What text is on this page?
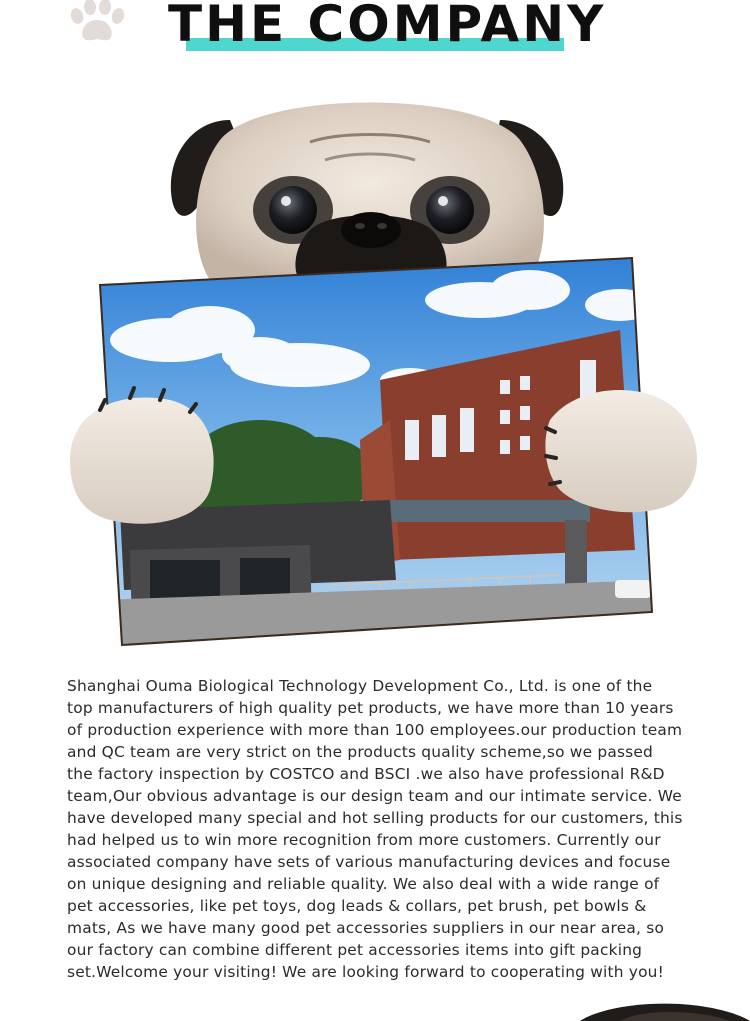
THE COMPANY

Shanghai Ouma Biological Technology Development Co., Ltd. is one of the top manufacturers of high quality pet products, we have more than 10 years of production experience with more than 100 employees.our production team and QC team are very strict on the products quality scheme,so we passed the factory inspection by COSTCO and BSCI .we also have professional R&D team,Our obvious advantage is our design team and our intimate service. We have developed many special and hot selling products for our customers, this had helped us to win more recognition from more customers. Currently our associated company have sets of various manufacturing devices and focuse on unique designing and reliable quality. We also deal with a wide range of pet accessories, like pet toys, dog leads & collars, pet brush, pet bowls & mats, As we have many good pet accessories suppliers in our near area, so our factory can combine different pet accessories items into gift packing set.Welcome your visiting! We are looking forward to cooperating with you!
